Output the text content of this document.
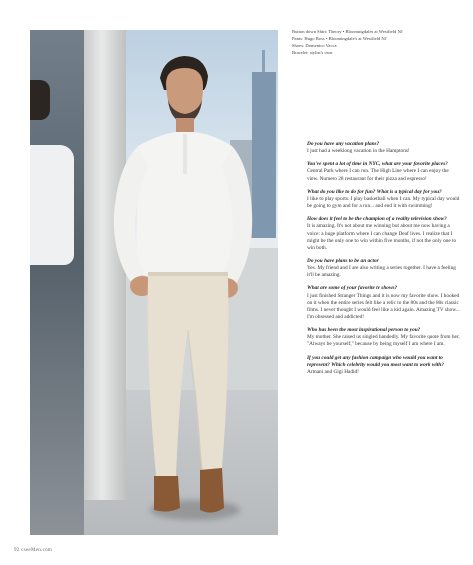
Button down Shirt: Theory • Bloomingdales at Westfield NJ
Pants: Hugo Boss • Bloomingdale's at Westfield NJ
Shoes: Domenico Vacca
Bracelet: stylist's own
Do you have any vacation plans?
I just had a weeklong vacation in the Hamptons!
You've spent a lot of time in NYC, what are your favorite places?
Central Park where I can run. The High Line where I can enjoy the view. Numero 28 restaurant for their pizza and espresso!
What do you like to do for fun? What is a typical day for you?
I like to play sports. I play basketball when I can. My typical day would be going to gym and for a run... and end it with swimming!
How does it feel to be the champion of a reality television show?
It is amazing. It's not about me winning but about me now having a voice: a huge platform where I can change Deaf lives. I realize that I might be the only one to win within five months, if not the only one to win both.
Do you have plans to be an actor
Yes. My friend and I are also writing a series together. I have a feeling it'll be amazing.
What are some of your favorite tv shows?
I just finished Stranger Things and it is now my favorite show. I hooked on it when the entire series felt like a relic to the 80s and the 80s classic films. I never thought I would feel like a kid again. Amazing TV show... I'm obsessed and addicted!
Who has been the most inspirational person to you?
My mother. She raised us singled handedly. My favorite quote from her, "Always be yourself," because by being myself I am where I am.
If you could get any fashion campaign who would you want to represent? Which celebrity would you most want to work with?
Armani and Gigi Hadid!
92 cseeMen.com
